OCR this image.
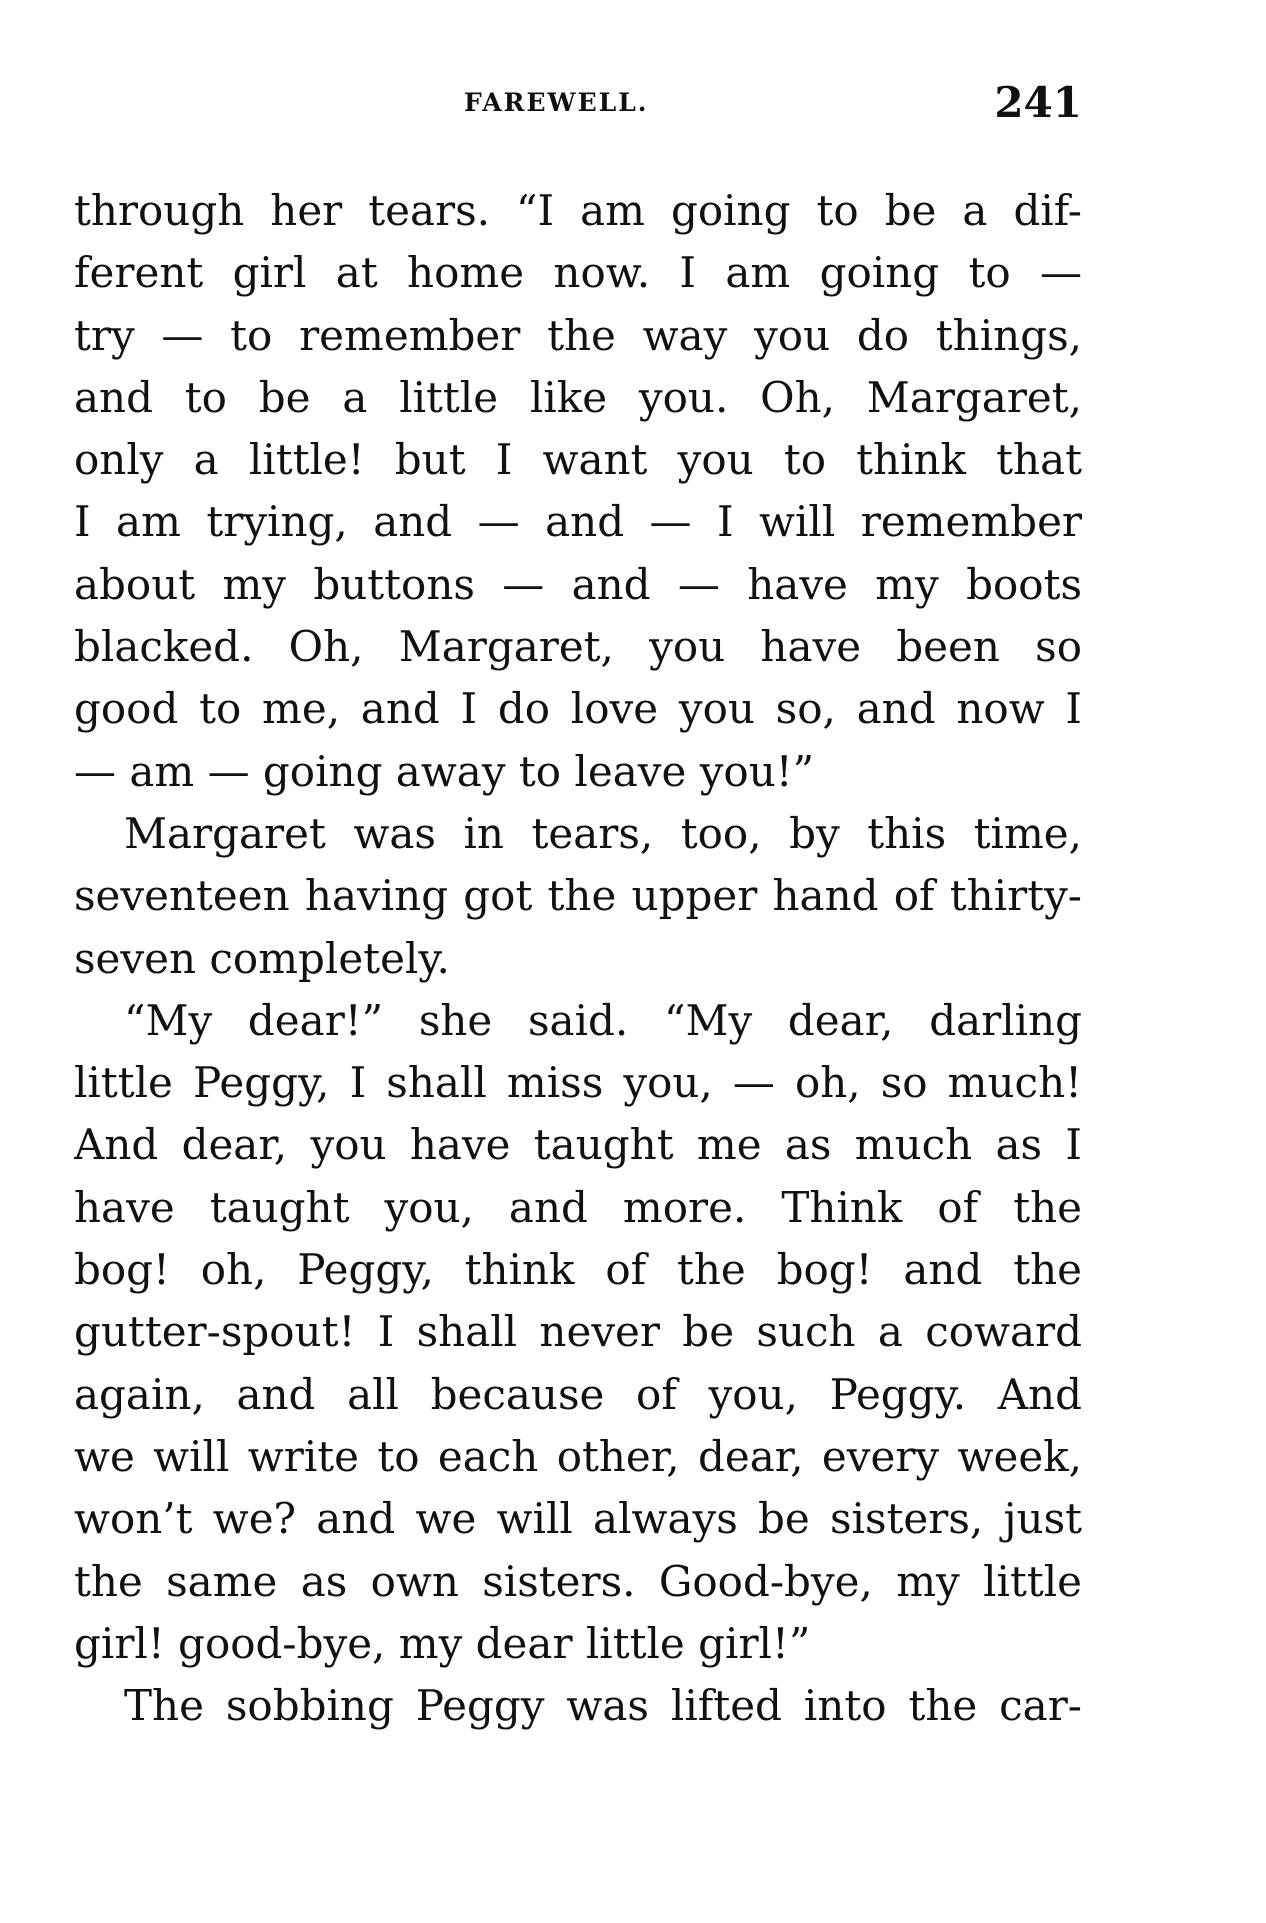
FAREWELL.	241
through her tears. “I am going to be a dif-
ferent girl at home now. I am going to —
try — to remember the way you do things,
and to be a little like you. Oh, Margaret,
only a little! but I want you to think that
I am trying, and — and — I will remember
about my buttons — and — have my boots
blacked. Oh, Margaret, you have been so
good to me, and I do love you so, and now I
— am — going away to leave you!”
Margaret was in tears, too, by this time,
seventeen having got the upper hand of thirty-
seven completely.
“My dear!” she said. “My dear, darling
little Peggy, I shall miss you, — oh, so much!
And dear, you have taught me as much as I
have taught you, and more. Think of the
bog! oh, Peggy, think of the bog! and the
gutter-spout! I shall never be such a coward
again, and all because of you, Peggy. And
we will write to each other, dear, every week,
won’t we? and we will always be sisters, just
the same as own sisters. Good-bye, my little
girl! good-bye, my dear little girl!”
The sobbing Peggy was lifted into the car-
